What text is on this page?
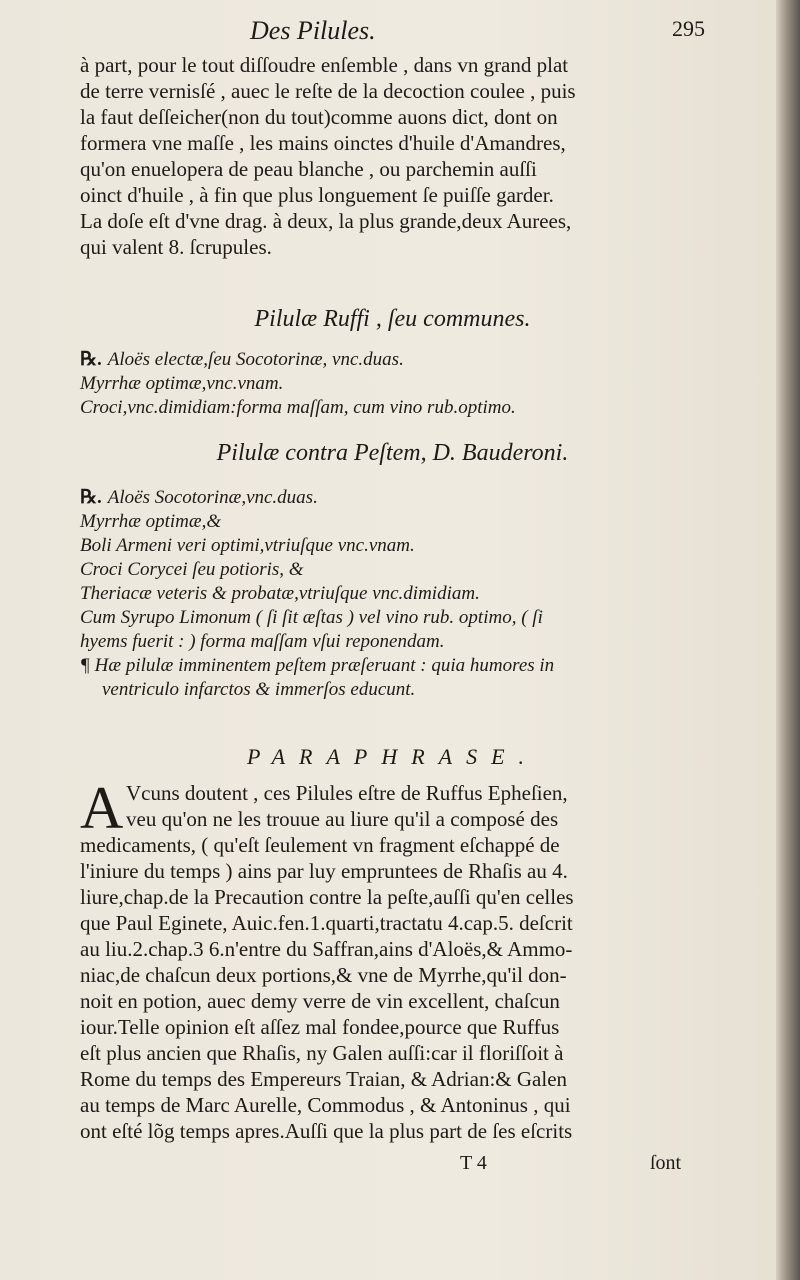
Des Pilules.	295
à part, pour le tout diſſoudre enſemble , dans vn grand plat
de terre vernisſé , auec le reſte de la decoction coulee , puis
la faut deſſeicher(non du tout)comme auons dict, dont on
formera vne maſſe , les mains oinctes d'huile d'Amandres,
qu'on enuelopera de peau blanche , ou parchemin auſſi
oinct d'huile , à fin que plus longuement ſe puiſſe garder.
La doſe eſt d'vne drag. à deux, la plus grande,deux Aurees,
qui valent 8. ſcrupules.
Pilulæ Ruffi , ſeu communes.
℞. Aloës electæ,ſeu Socotorinæ, vnc.duas.
Myrrhæ optimæ,vnc.vnam.
Croci,vnc.dimidiam:forma maſſam, cum vino rub.optimo.
Pilulæ contra Peſtem, D. Bauderoni.
℞. Aloës Socotorinæ,vnc.duas.
Myrrhæ optimæ,&
Boli Armeni veri optimi,vtriuſque vnc.vnam.
Croci Corycei ſeu potioris, &
Theriacæ veteris & probatæ,vtriuſque vnc.dimidiam.
Cum Syrupo Limonum ( ſi ſit æſtas ) vel vino rub. optimo, ( ſi
hyems fuerit : ) forma maſſam vſui reponendam.
¶ Hæ pilulæ imminentem peſtem præſeruant : quia humores in
ventriculo infarctos & immerſos educunt.
PARAPHRASE.
A Vcuns doutent , ces Pilules eſtre de Ruffus Epheſien,
veu qu'on ne les trouue au liure qu'il a composé des
medicaments, ( qu'eſt ſeulement vn fragment eſchappé de
l'iniure du temps ) ains par luy empruntees de Rhaſis au 4.
liure,chap.de la Precaution contre la peſte,auſſi qu'en celles
que Paul Eginete, Auic.fen.1.quarti,tractatu 4.cap.5. deſcrit
au liu.2.chap.3 6.n'entre du Saffran,ains d'Aloës,& Ammo-
niac,de chaſcun deux portions,& vne de Myrrhe,qu'il don-
noit en potion, auec demy verre de vin excellent, chaſcun
iour.Telle opinion eſt aſſez mal fondee,pource que Ruffus
eſt plus ancien que Rhaſis, ny Galen auſſi:car il floriſſoit à
Rome du temps des Empereurs Traian, & Adrian:& Galen
au temps de Marc Aurelle, Commodus , & Antoninus , qui
ont eſté lõg temps apres.Auſſi que la plus part de ſes eſcrits
T 4	ſont
